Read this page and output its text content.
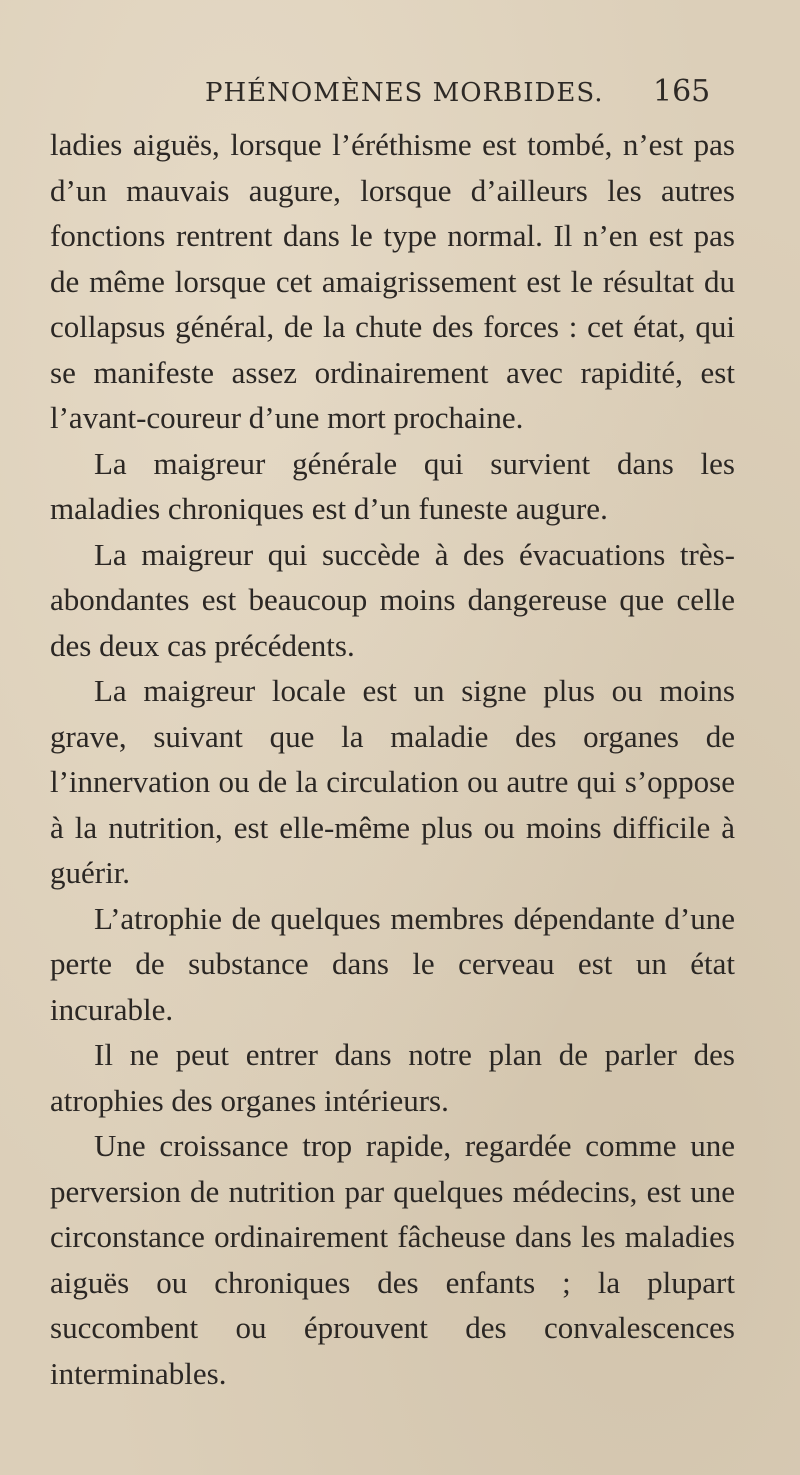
PHÉNOMÈNES MORBIDES. 165

ladies aiguës, lorsque l’éréthisme est tombé, n’est pas d’un mauvais augure, lorsque d’ailleurs les autres fonctions rentrent dans le type normal. Il n’en est pas de même lorsque cet amaigrissement est le résultat du collapsus général, de la chute des forces : cet état, qui se manifeste assez ordinairement avec rapidité, est l’avant-coureur d’une mort prochaine.

La maigreur générale qui survient dans les maladies chroniques est d’un funeste augure.

La maigreur qui succède à des évacuations très-abondantes est beaucoup moins dangereuse que celle des deux cas précédents.

La maigreur locale est un signe plus ou moins grave, suivant que la maladie des organes de l’innervation ou de la circulation ou autre qui s’oppose à la nutrition, est elle-même plus ou moins difficile à guérir.

L’atrophie de quelques membres dépendante d’une perte de substance dans le cerveau est un état incurable.

Il ne peut entrer dans notre plan de parler des atrophies des organes intérieurs.

Une croissance trop rapide, regardée comme une perversion de nutrition par quelques médecins, est une circonstance ordinairement fâcheuse dans les maladies aiguës ou chroniques des enfants ; la plupart succombent ou éprouvent des convalescences interminables.
